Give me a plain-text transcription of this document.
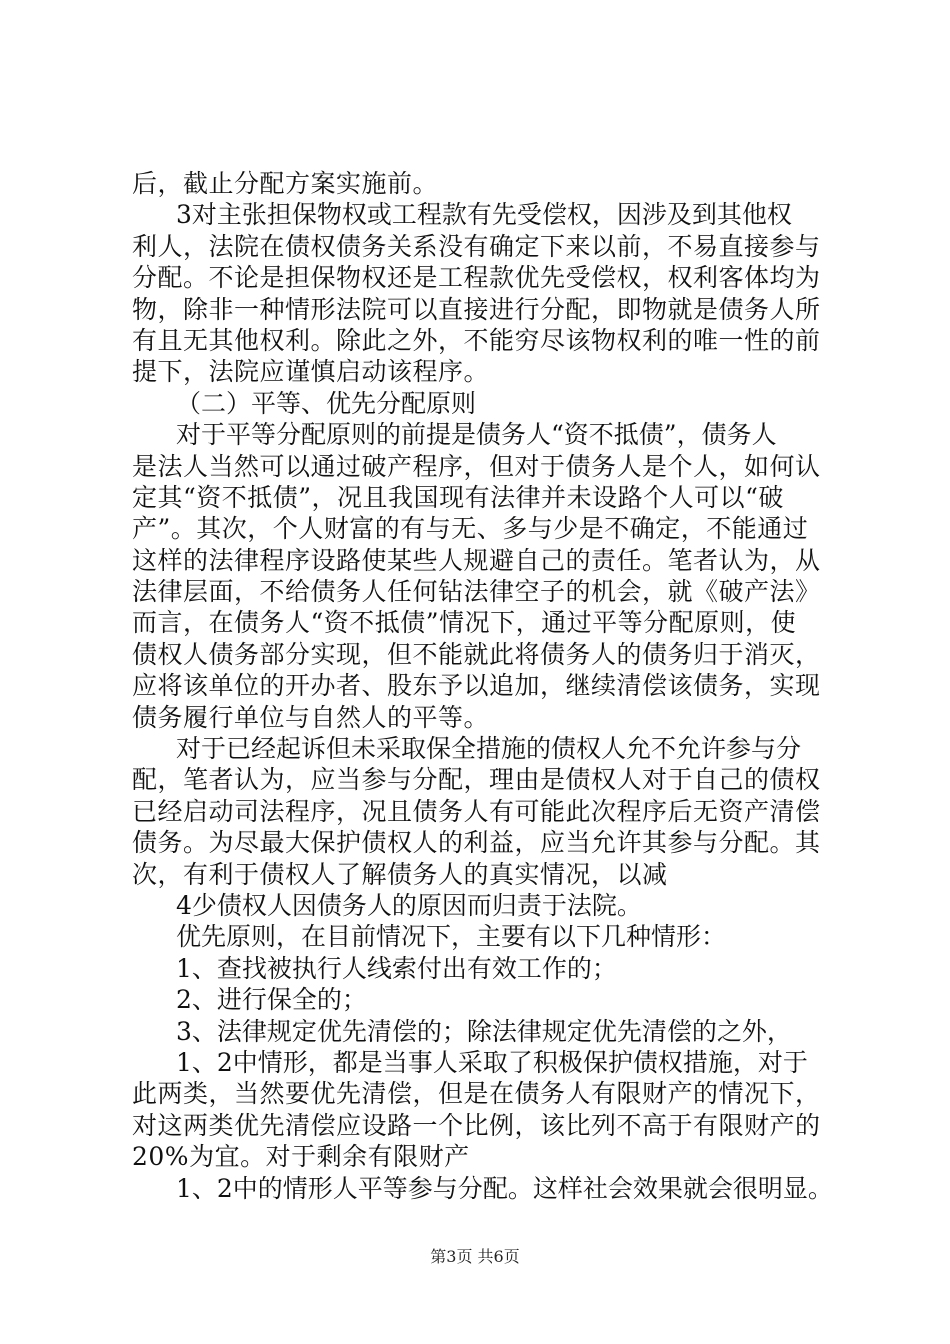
后，截止分配方案实施前。
3对主张担保物权或工程款有先受偿权，因涉及到其他权
利人，法院在债权债务关系没有确定下来以前，不易直接参与
分配。不论是担保物权还是工程款优先受偿权，权利客体均为
物，除非一种情形法院可以直接进行分配，即物就是债务人所
有且无其他权利。除此之外，不能穷尽该物权利的唯一性的前
提下，法院应谨慎启动该程序。
（二）平等、优先分配原则
对于平等分配原则的前提是债务人“资不抵债”，债务人
是法人当然可以通过破产程序，但对于债务人是个人，如何认
定其“资不抵债”，况且我国现有法律并未设路个人可以“破
产”。其次，个人财富的有与无、多与少是不确定，不能通过
这样的法律程序设路使某些人规避自己的责任。笔者认为，从
法律层面，不给债务人任何钻法律空子的机会，就《破产法》
而言，在债务人“资不抵债”情况下，通过平等分配原则，使
债权人债务部分实现，但不能就此将债务人的债务归于消灭，
应将该单位的开办者、股东予以追加，继续清偿该债务，实现
债务履行单位与自然人的平等。
对于已经起诉但未采取保全措施的债权人允不允许参与分
配，笔者认为，应当参与分配，理由是债权人对于自己的债权
已经启动司法程序，况且债务人有可能此次程序后无资产清偿
债务。为尽最大保护债权人的利益，应当允许其参与分配。其
次，有利于债权人了解债务人的真实情况，以减
4少债权人因债务人的原因而归责于法院。
优先原则，在目前情况下，主要有以下几种情形：
1、查找被执行人线索付出有效工作的；
2、进行保全的；
3、法律规定优先清偿的；除法律规定优先清偿的之外，
1、2中情形，都是当事人采取了积极保护债权措施，对于
此两类，当然要优先清偿，但是在债务人有限财产的情况下，
对这两类优先清偿应设路一个比例，该比列不高于有限财产的
20%为宜。对于剩余有限财产
1、2中的情形人平等参与分配。这样社会效果就会很明显。
第3页 共6页
